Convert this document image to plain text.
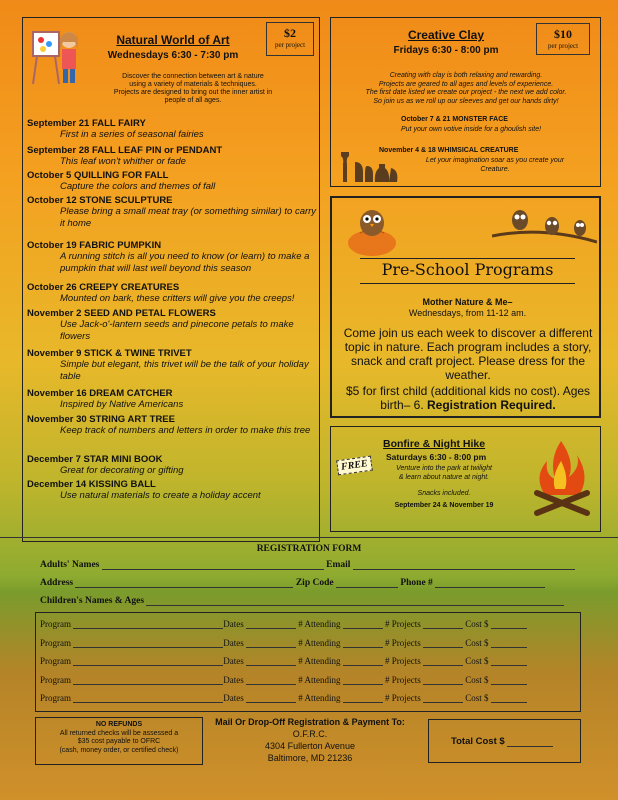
Natural World of Art
Wednesdays 6:30 - 7:30 pm
$2
per project
Discover the connection between art & nature
using a variety of materials & techniques.
Projects are designed to bring out the inner artist in
people of all ages.
September 21 FALL FAIRY
First in a series of seasonal fairies
September 28 FALL LEAF PIN or PENDANT
This leaf won't whither or fade
October 5 QUILLING FOR FALL
Capture the colors and themes of fall
October 12 STONE SCULPTURE
Please bring a small meat tray (or something similar) to carry it home
October 19 FABRIC PUMPKIN
A running stitch is all you need to know (or learn) to make a pumpkin that will last well beyond this season
October 26 CREEPY CREATURES
Mounted on bark, these critters will give you the creeps!
November 2 SEED AND PETAL FLOWERS
Use Jack-o'-lantern seeds and pinecone petals to make flowers
November 9 STICK & TWINE TRIVET
Simple but elegant, this trivet will be the talk of your holiday table
November 16 DREAM CATCHER
Inspired by Native Americans
November 30 STRING ART TREE
Keep track of numbers and letters in order to make this tree
December 7 STAR MINI BOOK
Great for decorating or gifting
December 14 KISSING BALL
Use natural materials to create a holiday accent
Creative Clay
Fridays 6:30 - 8:00 pm
$10
per project
Creating with clay is both relaxing and rewarding.
Projects are geared to all ages and levels of experience.
The first date listed we create our project - the next we add color.
So join us as we roll up our sleeves and get our hands dirty!
October 7 & 21 MONSTER FACE
Put your own votive inside for a ghoulish site!
November 4 & 18 WHIMSICAL CREATURE
Let your imagination soar as you create your
Creature.
Pre-School Programs
Mother Nature & Me–
Wednesdays, from 11-12 am.
Come join us each week to discover a different topic in nature. Each program includes a story, snack and craft project. Please dress for the weather.
$5 for first child (additional kids no cost). Ages birth– 6. Registration Required.
Bonfire & Night Hike
FREE
Saturdays 6:30 - 8:00 pm
Venture into the park at twilight
& learn about nature at night.
Snacks included.
September 24 & November 19
REGISTRATION FORM
Adults' Names	Email
Address	Zip Code	Phone #
Children's Names & Ages
Program	Dates	# Attending	# Projects	Cost $
Program	Dates	# Attending	# Projects	Cost $
Program	Dates	# Attending	# Projects	Cost $
Program	Dates	# Attending	# Projects	Cost $
Program	Dates	# Attending	# Projects	Cost $
NO REFUNDS
All returned checks will be assessed a
$35 cost payable to OFRC
(cash, money order, or certified check)
Mail Or Drop-Off Registration & Payment To:
O.F.R.C.
4304 Fullerton Avenue
Baltimore, MD 21236
Total Cost $
